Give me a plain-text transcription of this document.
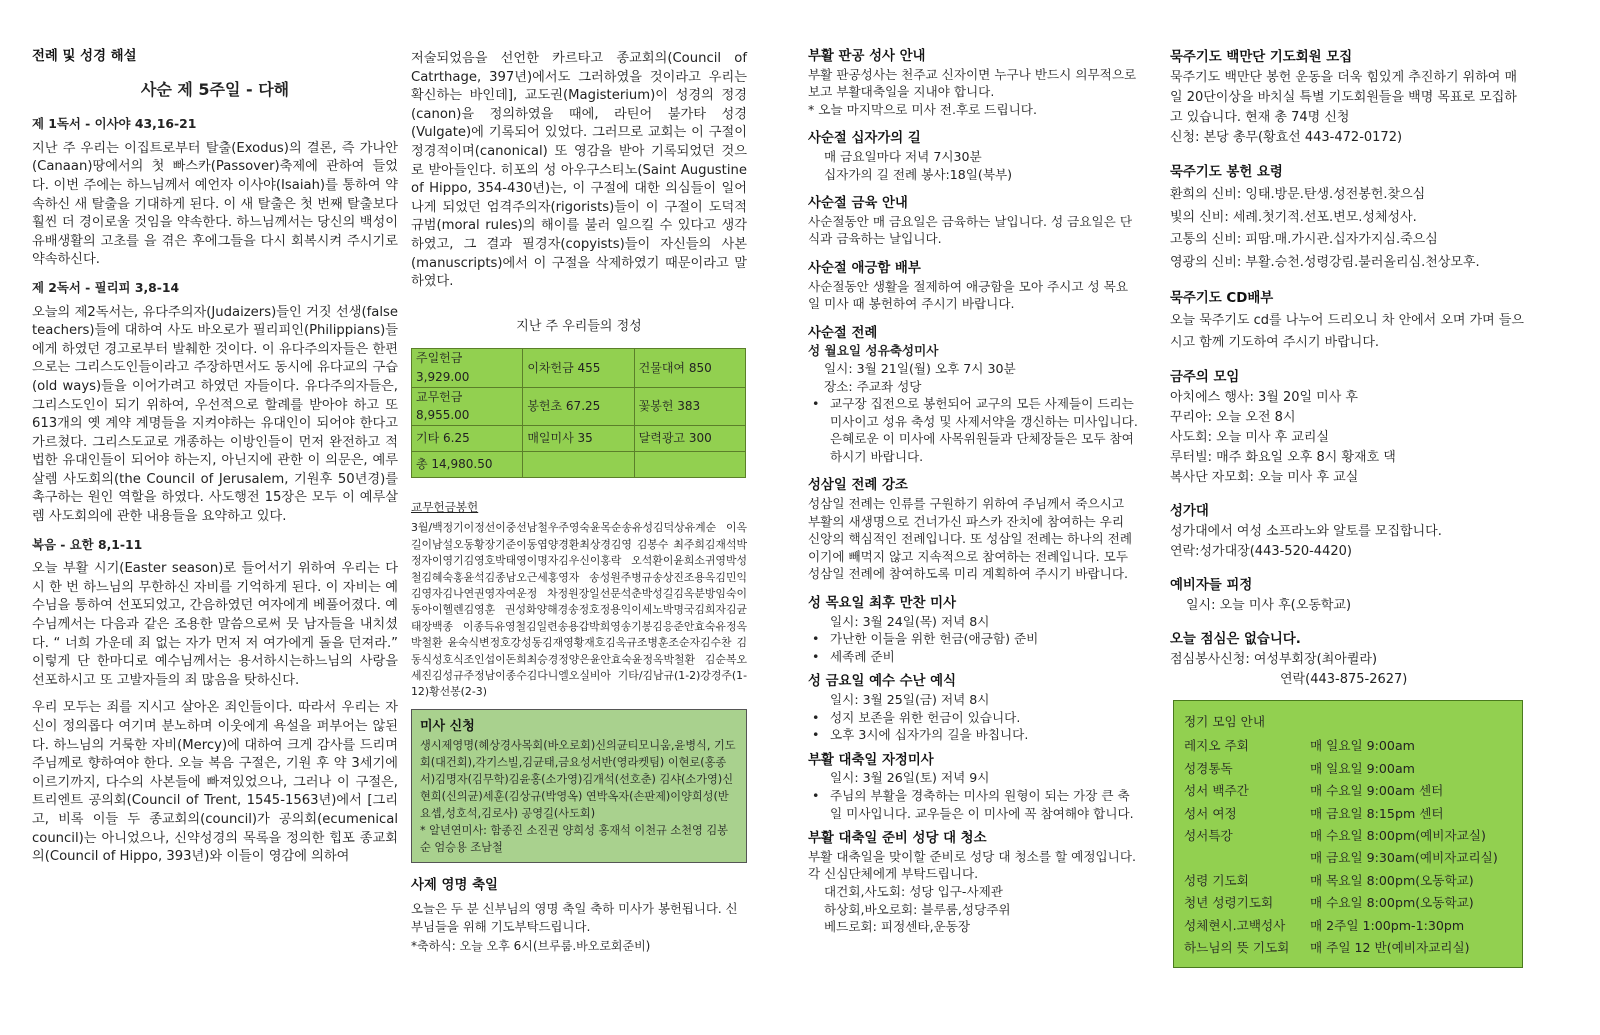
전례 및 성경 해설

사순 제 5주일 - 다해

제 1독서 - 이사야 43,16-21

지난 주 우리는 이집트로부터 탈출(Exodus)의 결론, 즉 가나안(Canaan)땅에서의 첫 빠스카(Passover)축제에 관하여 들었다. 이번 주에는 하느님께서 예언자 이사야(Isaiah)를 통하여 약속하신 새 탈출을 기대하게 된다. 이 새 탈출은 첫 번째 탈출보다 훨씬 더 경이로울 것임을 약속한다. 하느님께서는 당신의 백성이 유배생활의 고초를 을 겪은 후에그들을 다시 회복시켜 주시기로 약속하신다.

제 2독서 - 필리피 3,8-14

오늘의 제2독서는, 유다주의자(Judaizers)들인 거짓 선생(false teachers)들에 대하여 사도 바오로가 필리피인(Philippians)들에게 하였던 경고로부터 발췌한 것이다. 이 유다주의자들은 한편으로는 그리스도인들이라고 주장하면서도 동시에 유다교의 구습(old ways)들을 이어가려고 하였던 자들이다. 유다주의자들은, 그리스도인이 되기 위하여, 우선적으로 할례를 받아야 하고 또 613개의 옛 계약 계명들을 지켜야하는 유대인이 되어야 한다고 가르쳤다. 그리스도교로 개종하는 이방인들이 먼저 완전하고 적법한 유대인들이 되어야 하는지, 아닌지에 관한 이 의문은, 예루살렘 사도회의(the Council of Jerusalem, 기원후 50년경)를 촉구하는 원인 역할을 하였다. 사도행전 15장은 모두 이 예루살렘 사도회의에 관한 내용들을 요약하고 있다.

복음 - 요한 8,1-11

오늘 부활 시기(Easter season)로 들어서기 위하여 우리는 다시 한 번 하느님의 무한하신 자비를 기억하게 된다. 이 자비는 예수님을 통하여 선포되었고, 간음하였던 여자에게 베풀어졌다. 예수님께서는 다음과 같은 조용한 말씀으로써 뭇 남자들을 내치셨다. “ 너희 가운데 죄 없는 자가 먼저 저 여가에게 돌을 던져라.” 이렇게 단 한마디로 예수님께서는 용서하시는하느님의 사랑을 선포하시고 또 고발자들의 죄 많음을 탓하신다.

우리 모두는 죄를 지시고 살아온 죄인들이다. 따라서 우리는 자신이 정의롭다 여기며 분노하며 이웃에게 욕설을 퍼부어는 않된다. 하느님의 거룩한 자비(Mercy)에 대하여 크게 감사를 드리며 주님께로 향하여야 한다. 오늘 복음 구절은, 기원 후 약 3세기에 이르기까지, 다수의 사본들에 빠져있었으나, 그러나 이 구절은, 트리엔트 공의회(Council of Trent, 1545-1563년)에서 [그리고, 비록 이들 두 종교회의(council)가 공의회(ecumenical council)는 아니었으나, 신약성경의 목록을 정의한 힙포 종교회의(Council of Hippo, 393년)와 이들이 영감에 의하여

저술되었음을 선언한 카르타고 종교회의(Council of Catrthage, 397년)에서도 그러하였을 것이라고 우리는 확신하는 바인데], 교도권(Magisterium)이 성경의 정경(canon)을 정의하였을 때에, 라틴어 불가타 성경(Vulgate)에 기록되어 있었다. 그러므로 교회는 이 구절이 정경적이며(canonical) 또 영감을 받아 기록되었던 것으로 받아들인다. 히포의 성 아우구스티노(Saint Augustine of Hippo, 354-430년)는, 이 구절에 대한 의심들이 일어나게 되었던 엄격주의자(rigorists)들이 이 구절이 도덕적 규범(moral rules)의 해이를 불러 일으킬 수 있다고 생각하였고, 그 결과 필경자(copyists)들이 자신들의 사본(manuscripts)에서 이 구절을 삭제하였기 때문이라고 말하였다.

지난 주 우리들의 정성

주일헌금 3,929.00	이차헌금 455	건물대여 850
교무헌금 8,955.00	봉헌초 67.25	꽃봉헌 383
기타 6.25	매일미사 35	달력광고 300
총 14,980.50		

교무헌금봉헌

3월/백정기이정선이중선남철우주영숙윤목순송유성김덕상유계순 이옥길이남설오동황장기준이동엽양경환최상경김영 김봉수 최주희김재석박정자이영기김영호박태영이명자김우신이홍락 오석환이윤희소귀영박성철김혜숙홍윤석김종남오근세홍영자 송성원주병규송상진조용옥김민익김영자김나연권영자여운정 차정원장일선문석춘박성길김옥분방임숙이동아이헬렌김영훈 권성화양해경송정호정용익이세노박명국김희자김균태장백종 이종득유영철김일련송용갑박희영송기봉김응준안효숙유정옥박철환 윤숙식변정호강성동김재영황재호김옥규조병훈조순자김수찬 김동식성호식조인섭이돈희최승경정양은윤안효숙윤정옥박철환 김순복오세진김성규주정남이종수김다니엘오실비아 기타/김남규(1-2)강경주(1-12)황선봉(2-3)

미사 신청

생시제영명(혜상경사목회(바오로회)신의균티모니움,윤병식, 기도회(대건회),각기스빌,김균태,금요성서반(영라켓팀) 이현로(홍종서)김명자(김무학)김윤홍(소가영)김개석(선호춘) 김샤(소가영)신현희(신의균)세훈(김상규(박영옥) 연박옥자(손판제)이양희성(반요셉,성호석,김로사) 공영길(사도회)

* 알년연미사: 함종진 소진권 양희성 홍재석 이천규 소천영 김봉순 엄승용 조남철

사제 영명 축일

오늘은 두 분 신부님의 영명 축일 축하 미사가 봉헌됩니다. 신부님들을 위해 기도부탁드립니다.

*축하식: 오늘 오후 6시(브루룸.바오로회준비)

부활 판공 성사 안내

부활 판공성사는 천주교 신자이면 누구나 반드시 의무적으로 보고 부활대축일을 지내야 합니다.

* 오늘 마지막으로 미사 전.후로 드립니다.

사순절 십자가의 길

매 금요일마다 저녁 7시30분

십자가의 길 전례 봉사:18일(북부)

사순절 금육 안내

사순절동안 매 금요일은 금육하는 날입니다. 성 금요일은 단식과 금육하는 날입니다.

사순절 애긍함 배부

사순절동안 생활을 절제하여 애긍함을 모아 주시고 성 목요일 미사 때 봉헌하여 주시기 바랍니다.

사순절 전례

성 월요일 성유축성미사

일시: 3월 21일(월) 오후 7시 30분

장소: 주교좌 성당

• 교구장 집전으로 봉헌되어 교구의 모든 사제들이 드리는 미사이고 성유 축성 및 사제서약을 갱신하는 미사입니다. 은혜로운 이 미사에 사목위원들과 단체장들은 모두 참여하시기 바랍니다.

성삼일 전례 강조

성삼일 전례는 인류를 구원하기 위하여 주님께서 죽으시고 부활의 새생명으로 건너가신 파스카 잔치에 참여하는 우리 신앙의 핵심적인 전례입니다. 또 성삼일 전례는 하나의 전례이기에 빼먹지 않고 지속적으로 참여하는 전례입니다. 모두 성삼일 전례에 참여하도록 미리 계획하여 주시기 바랍니다.

성 목요일 최후 만찬 미사

일시: 3월 24일(목) 저녁 8시

• 가난한 이들을 위한 헌금(애긍함) 준비

• 세족례 준비

성 금요일 예수 수난 예식

일시: 3월 25일(금) 저녁 8시

• 성지 보존을 위한 헌금이 있습니다.

• 오후 3시에 십자가의 길을 바칩니다.

부활 대축일 자정미사

일시: 3월 26일(토) 저녁 9시

• 주님의 부활을 경축하는 미사의 원형이 되는 가장 큰 축일 미사입니다. 교우들은 이 미사에 꼭 참여해야 합니다.

부활 대축일 준비 성당 대 청소

부활 대축일을 맞이할 준비로 성당 대 청소를 할 예정입니다. 각 신심단체에게 부탁드립니다.

대건회,사도회: 성당 입구-사제관

하상회,바오로회: 블루룸,성당주위

베드로회: 피정센타,운동장

묵주기도 백만단 기도회원 모집

묵주기도 백만단 봉헌 운동을 더욱 힘있게 추진하기 위하여 매일 20단이상을 바치실 특별 기도회원들을 백명 목표로 모집하고 있습니다. 현재 총 74명 신청

신청: 본당 총무(황효선 443-472-0172)

묵주기도 봉헌 요령

환희의 신비: 잉태.방문.탄생.성전봉헌.찾으심

빛의 신비: 세례.첫기적.선포.변모.성체성사.

고통의 신비: 피땀.매.가시관.십자가지심.죽으심

영광의 신비: 부활.승천.성령강림.불러올리심.천상모후.

묵주기도 CD배부

오늘 묵주기도 cd를 나누어 드리오니 차 안에서 오며 가며 들으시고 함께 기도하여 주시기 바랍니다.

금주의 모임

아치에스 행사: 3월 20일 미사 후

꾸리아: 오늘 오전 8시

사도회: 오늘 미사 후 교리실

루터빌: 매주 화요일 오후 8시 황재호 댁

복사단 자모회: 오늘 미사 후 교실

성가대

성가대에서 여성 소프라노와 알토를 모집합니다.

연락:성가대장(443-520-4420)

예비자들 피정

일시: 오늘 미사 후(오동학교)

오늘 점심은 없습니다.

점심봉사신청: 여성부회장(최아퀼라)

연락(443-875-2627)

정기 모임 안내

레지오 주회	매 일요일 9:00am
성경통독	매 일요일 9:00am
성서 백주간	매 수요일 9:00am 센터
성서 여정	매 금요일 8:15pm 센터
성서특강	매 수요일 8:00pm(예비자교실)
매 금요일 9:30am(예비자교리실)
성령 기도회	매 목요일 8:00pm(오동학교)
청년 성령기도회	매 수요일 8:00pm(오동학교)
성체현시.고백성사	매 2주일 1:00pm-1:30pm
하느님의 뜻 기도회	매 주일 12 반(예비자교리실)
